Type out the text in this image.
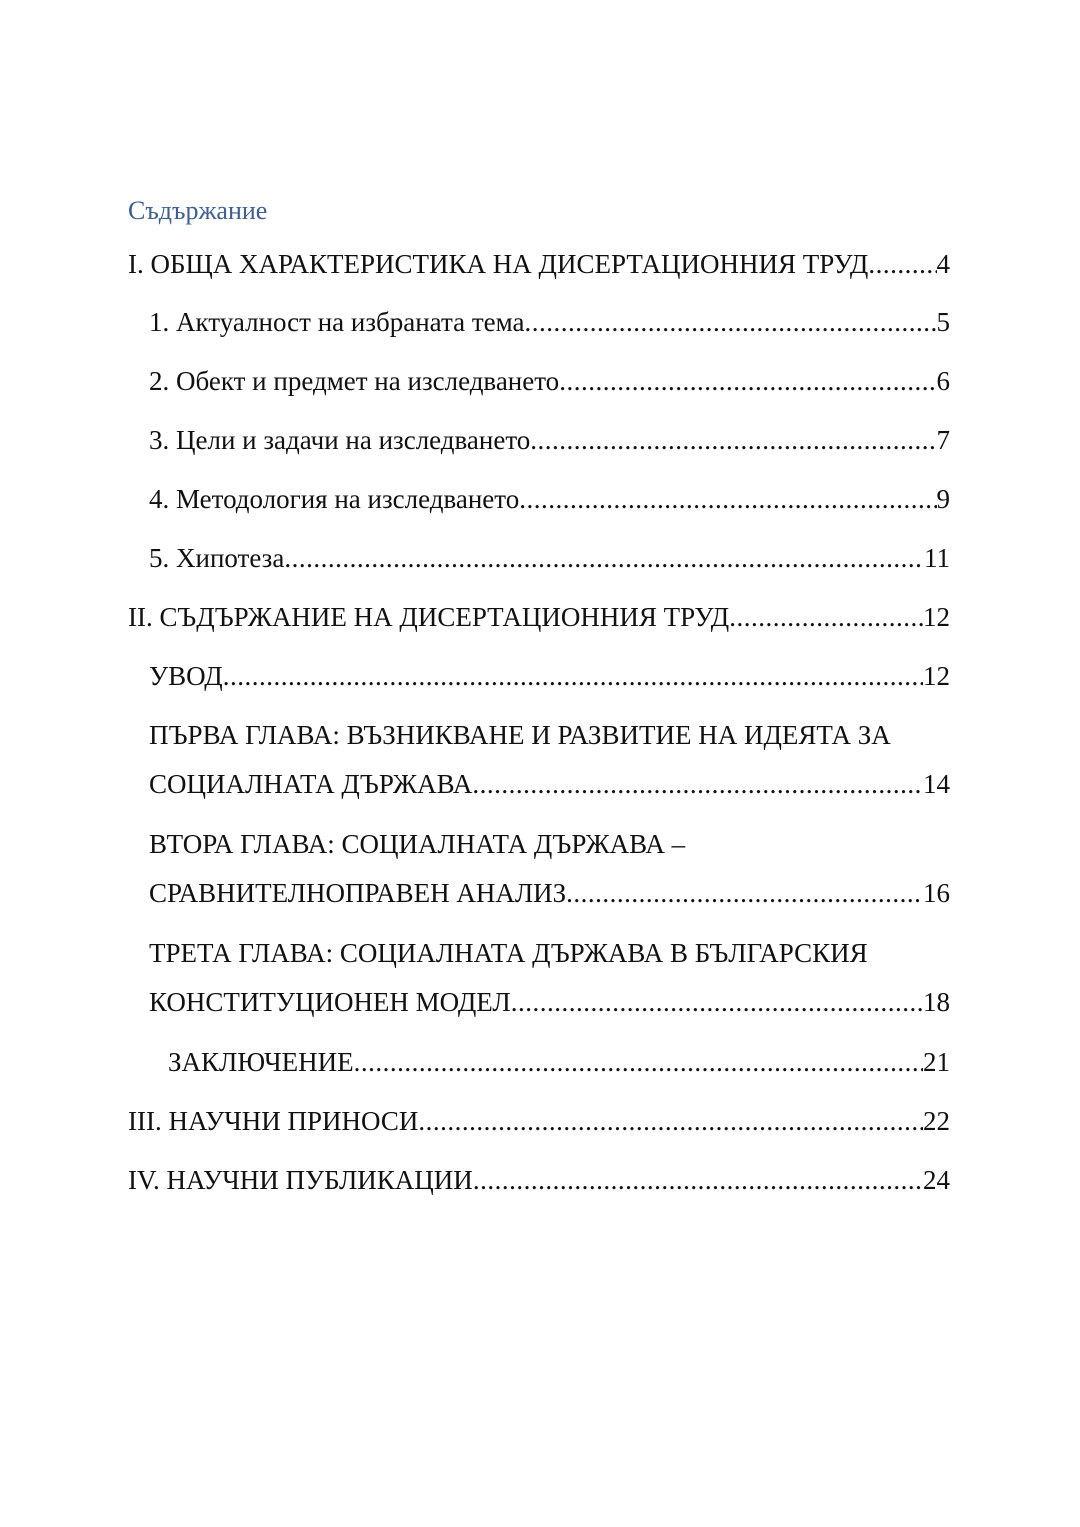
Съдържание
I. ОБЩА ХАРАКТЕРИСТИКА НА ДИСЕРТАЦИОННИЯ ТРУД .....	4
1. Актуалност на избраната тема .....	5
2. Обект и предмет на изследването .....	6
3. Цели и задачи на изследването .....	7
4. Методология на изследването .....	9
5. Хипотеза .....	11
II. СЪДЪРЖАНИЕ НА ДИСЕРТАЦИОННИЯ ТРУД .....	12
УВОД .....	12
ПЪРВА ГЛАВА: ВЪЗНИКВАНЕ И РАЗВИТИЕ НА ИДЕЯТА ЗА
СОЦИАЛНАТА ДЪРЖАВА .....	14
ВТОРА ГЛАВА: СОЦИАЛНАТА ДЪРЖАВА –
СРАВНИТЕЛНОПРАВЕН АНАЛИЗ .....	16
ТРЕТА ГЛАВА: СОЦИАЛНАТА ДЪРЖАВА В БЪЛГАРСКИЯ
КОНСТИТУЦИОНЕН МОДЕЛ .....	18
ЗАКЛЮЧЕНИЕ .....	21
III. НАУЧНИ ПРИНОСИ .....	22
IV. НАУЧНИ ПУБЛИКАЦИИ .....	24
